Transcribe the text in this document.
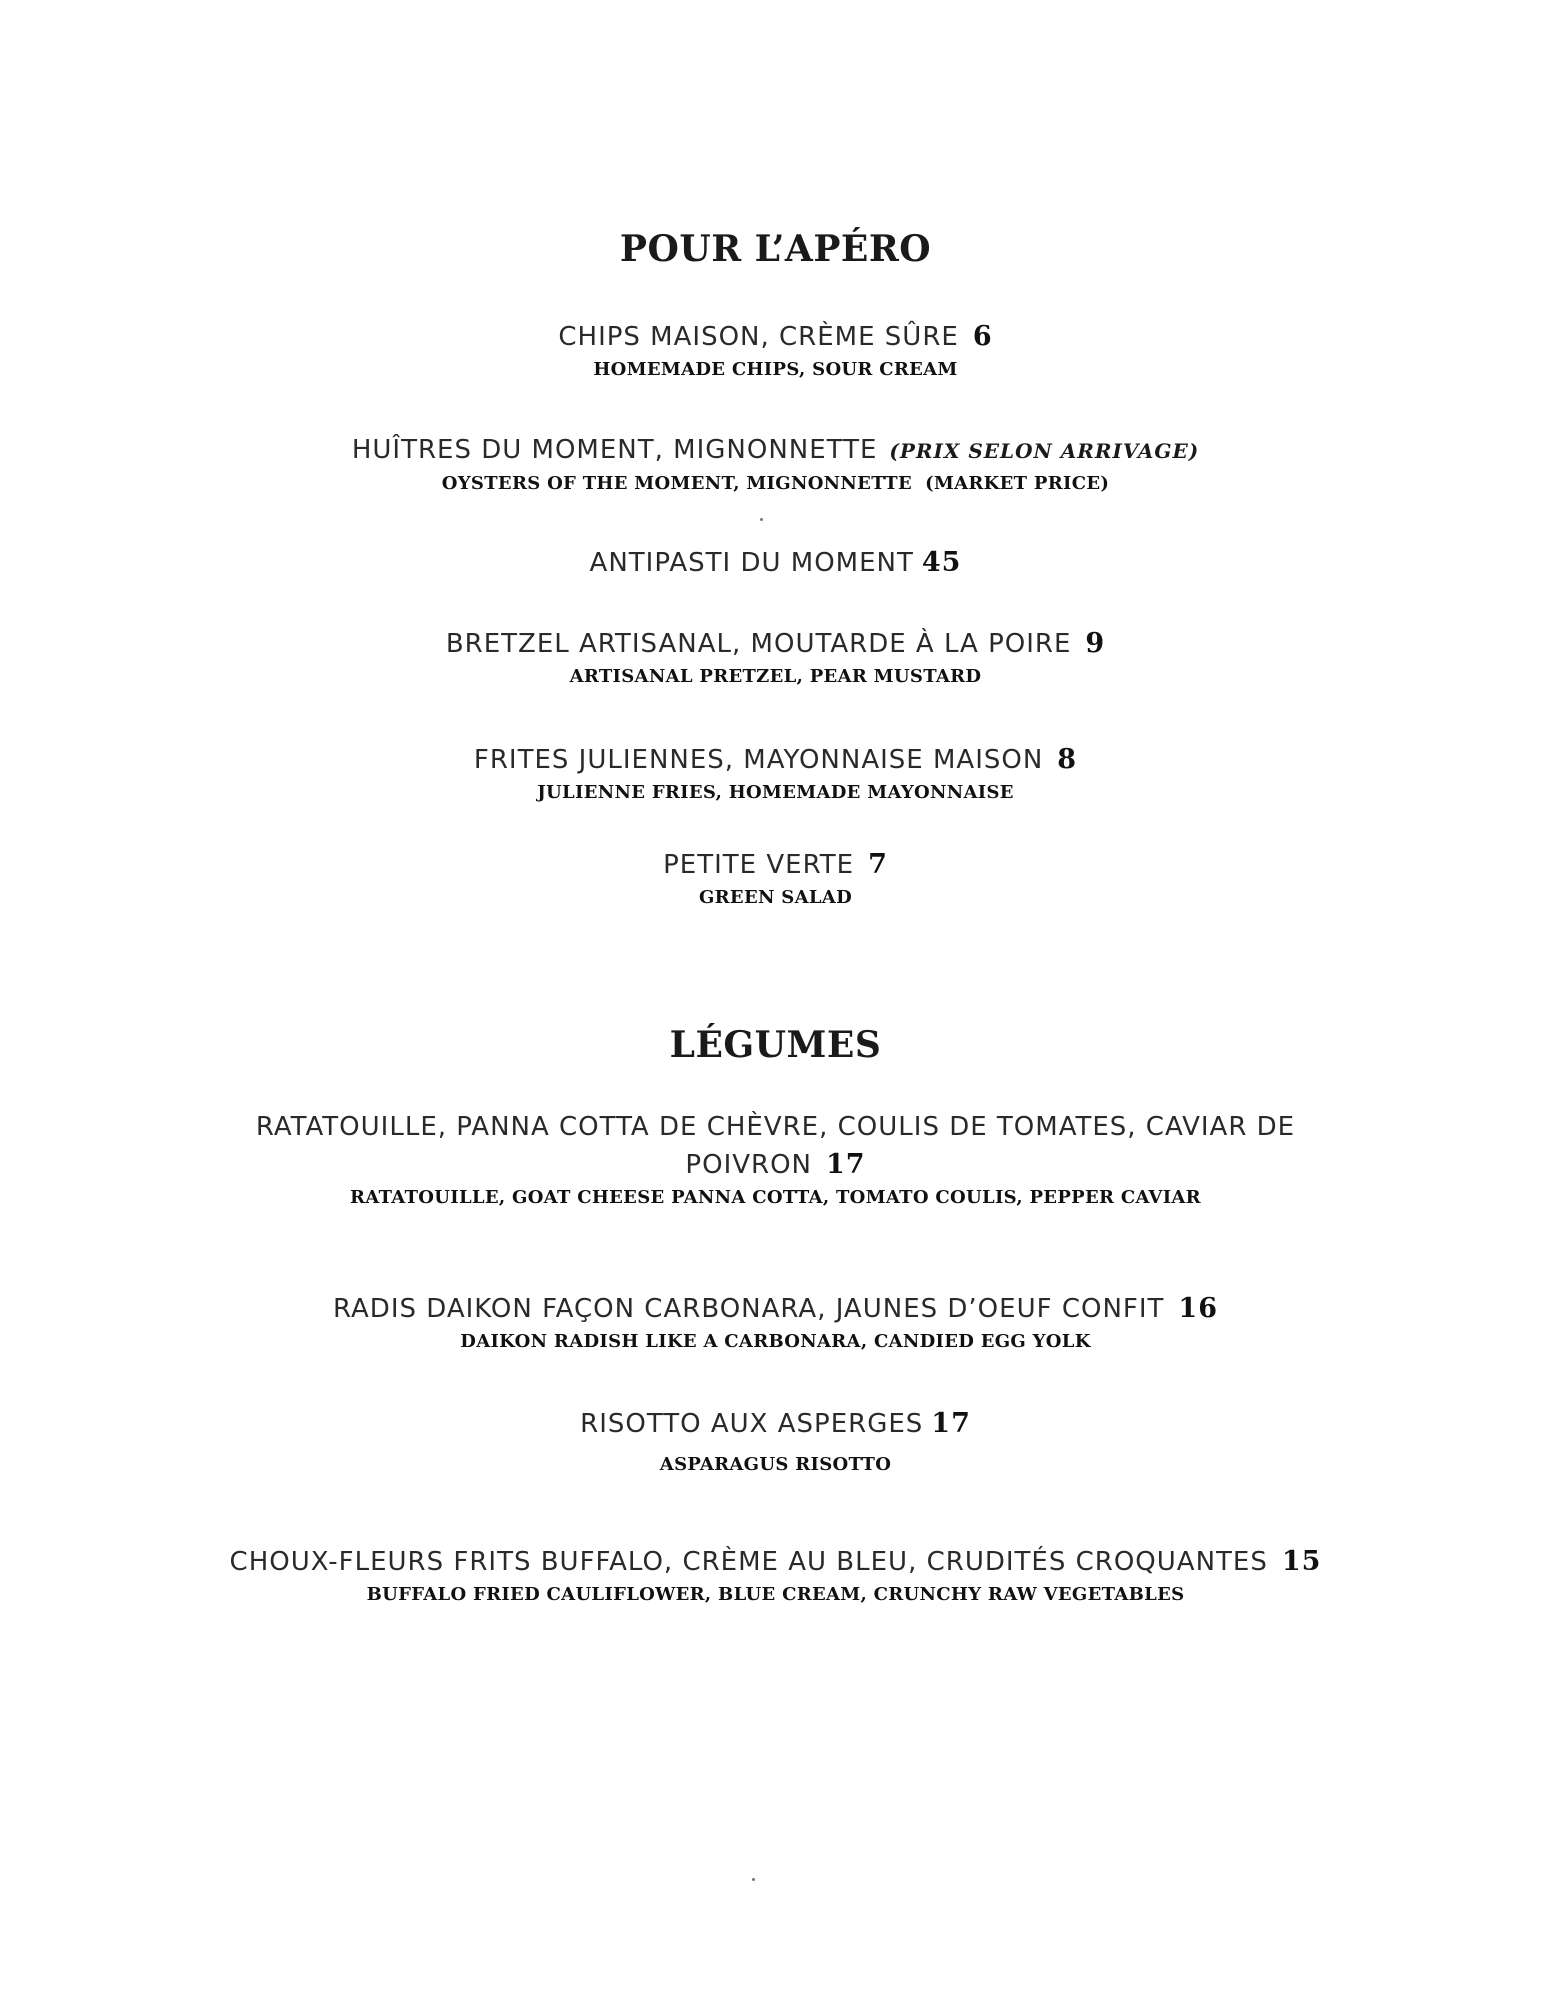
POUR L’APÉRO
CHIPS MAISON, CRÈME SÛRE 6
HOMEMADE CHIPS, SOUR CREAM
HUÎTRES DU MOMENT, MIGNONNETTE (PRIX SELON ARRIVAGE)
OYSTERS OF THE MOMENT, MIGNONNETTE  (MARKET PRICE)
ANTIPASTI DU MOMENT 45
BRETZEL ARTISANAL, MOUTARDE À LA POIRE 9
ARTISANAL PRETZEL, PEAR MUSTARD
FRITES JULIENNES, MAYONNAISE MAISON 8
JULIENNE FRIES, HOMEMADE MAYONNAISE
PETITE VERTE 7
GREEN SALAD
LÉGUMES
RATATOUILLE, PANNA COTTA DE CHÈVRE, COULIS DE TOMATES, CAVIAR DE POIVRON 17
RATATOUILLE, GOAT CHEESE PANNA COTTA, TOMATO COULIS, PEPPER CAVIAR
RADIS DAIKON FAÇON CARBONARA, JAUNES D’OEUF CONFIT 16
DAIKON RADISH LIKE A CARBONARA, CANDIED EGG YOLK
RISOTTO AUX ASPERGES 17
ASPARAGUS RISOTTO
CHOUX-FLEURS FRITS BUFFALO, CRÈME AU BLEU, CRUDITÉS CROQUANTES 15
BUFFALO FRIED CAULIFLOWER, BLUE CREAM, CRUNCHY RAW VEGETABLES
